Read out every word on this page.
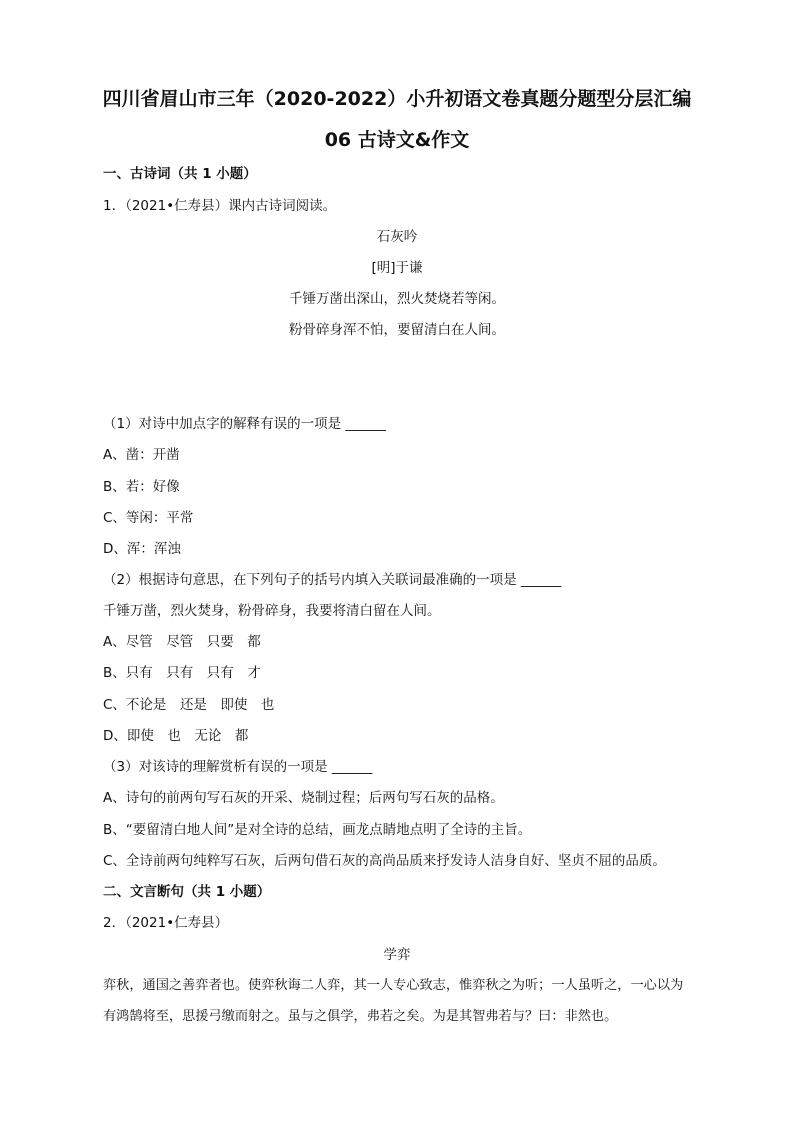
四川省眉山市三年（2020-2022）小升初语文卷真题分题型分层汇编
06 古诗文&作文
一、古诗词（共 1 小题）
1．（2021•仁寿县）课内古诗词阅读。
石灰吟
[明]于谦
千锤万凿出深山，烈火焚烧若等闲。
粉骨碎身浑不怕，要留清白在人间。
（1）对诗中加点字的解释有误的一项是 ______
A、凿：开凿
B、若：好像
C、等闲：平常
D、浑：浑浊
（2）根据诗句意思，在下列句子的括号内填入关联词最准确的一项是 ______
千锤万凿，烈火焚身，粉骨碎身，我要将清白留在人间。
A、尽管　尽管　只要　都
B、只有　只有　只有　才
C、不论是　还是　即使　也
D、即使　也　无论　都
（3）对该诗的理解赏析有误的一项是 ______
A、诗句的前两句写石灰的开采、烧制过程；后两句写石灰的品格。
B、“要留清白地人间”是对全诗的总结，画龙点睛地点明了全诗的主旨。
C、全诗前两句纯粹写石灰，后两句借石灰的高尚品质来抒发诗人洁身自好、坚贞不屈的品质。
二、文言断句（共 1 小题）
2．（2021•仁寿县）
学弈
弈秋，通国之善弈者也。使弈秋诲二人弈，其一人专心致志，惟弈秋之为听；一人虽听之，一心以为
有鸿鹄将至，思援弓缴而射之。虽与之俱学，弗若之矣。为是其智弗若与？曰：非然也。
